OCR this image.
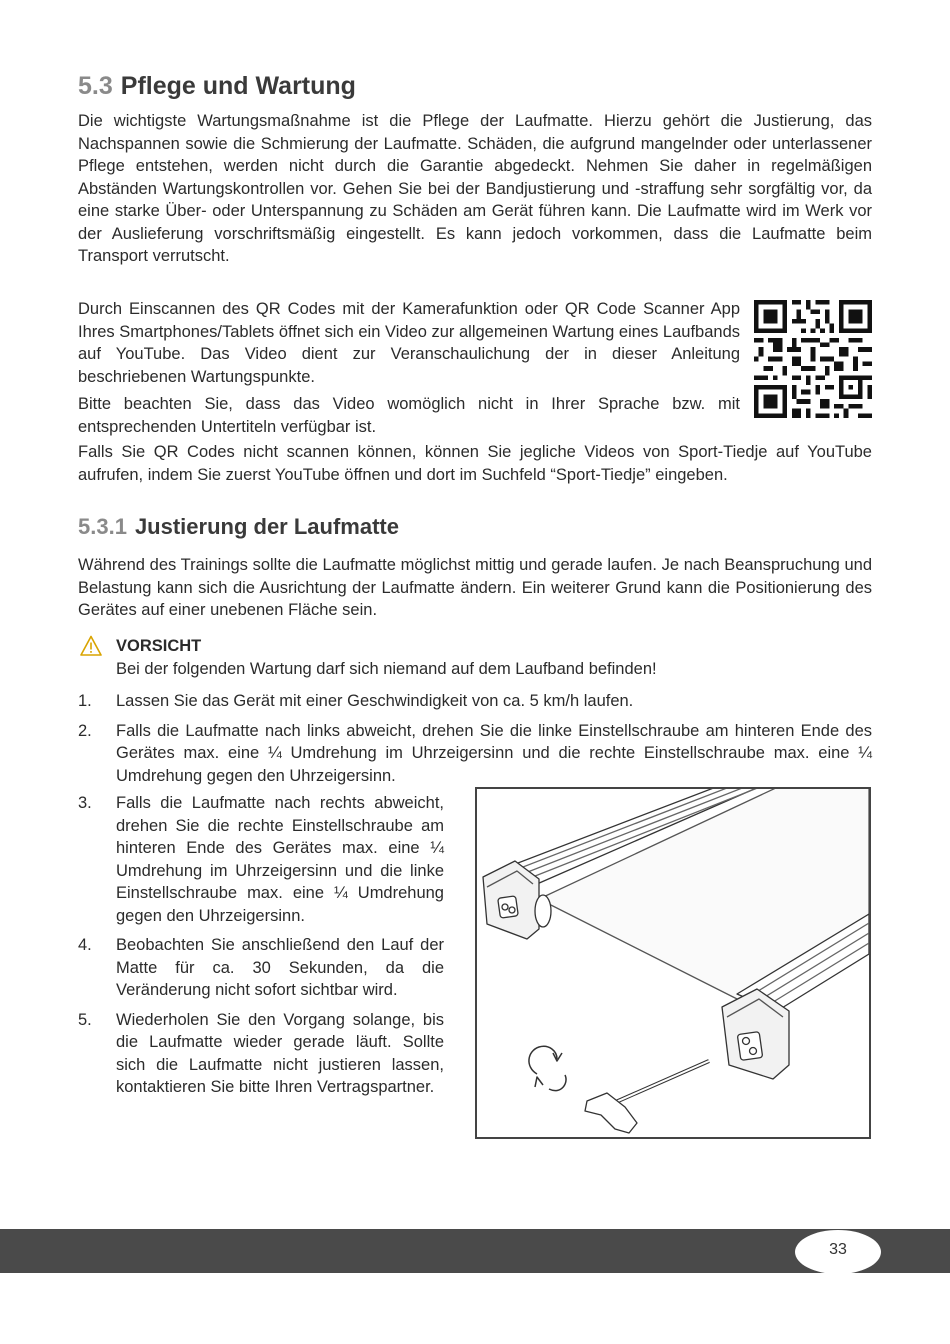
5.3 Pflege und Wartung

Die wichtigste Wartungsmaßnahme ist die Pflege der Laufmatte. Hierzu gehört die Justierung, das Nachspannen sowie die Schmierung der Laufmatte. Schäden, die aufgrund mangelnder oder unterlassener Pflege entstehen, werden nicht durch die Garantie abgedeckt. Nehmen Sie daher in regelmäßigen Abständen Wartungskontrollen vor. Gehen Sie bei der Bandjustierung und -straffung sehr sorgfältig vor, da eine starke Über- oder Unterspannung zu Schäden am Gerät führen kann. Die Laufmatte wird im Werk vor der Auslieferung vorschriftsmäßig eingestellt. Es kann jedoch vorkommen, dass die Laufmatte beim Transport verrutscht.

Durch Einscannen des QR Codes mit der Kamerafunktion oder QR Code Scanner App Ihres Smartphones/Tablets öffnet sich ein Video zur allgemeinen Wartung eines Laufbands auf YouTube. Das Video dient zur Veranschaulichung der in dieser Anleitung beschriebenen Wartungspunkte.

Bitte beachten Sie, dass das Video womöglich nicht in Ihrer Sprache bzw. mit entsprechenden Untertiteln verfügbar ist.

Falls Sie QR Codes nicht scannen können, können Sie jegliche Videos von Sport-Tiedje auf YouTube aufrufen, indem Sie zuerst YouTube öffnen und dort im Suchfeld “Sport-Tiedje” eingeben.

5.3.1 Justierung der Laufmatte

Während des Trainings sollte die Laufmatte möglichst mittig und gerade laufen. Je nach Beanspruchung und Belastung kann sich die Ausrichtung der Laufmatte ändern. Ein weiterer Grund kann die Positionierung des Gerätes auf einer unebenen Fläche sein.

VORSICHT
Bei der folgenden Wartung darf sich niemand auf dem Laufband befinden!
1. Lassen Sie das Gerät mit einer Geschwindigkeit von ca. 5 km/h laufen.
2. Falls die Laufmatte nach links abweicht, drehen Sie die linke Einstellschraube am hinteren Ende des Gerätes max. eine ¼ Umdrehung im Uhrzeigersinn und die rechte Einstellschraube max. eine ¼ Umdrehung gegen den Uhrzeigersinn.
3. Falls die Laufmatte nach rechts abweicht, drehen Sie die rechte Einstellschraube am hinteren Ende des Gerätes max. eine ¼ Umdrehung im Uhrzeigersinn und die linke Einstellschraube max. eine ¼ Umdrehung gegen den Uhrzeigersinn.
4. Beobachten Sie anschließend den Lauf der Matte für ca. 30 Sekunden, da die Veränderung nicht sofort sichtbar wird.
5. Wiederholen Sie den Vorgang solange, bis die Laufmatte wieder gerade läuft. Sollte sich die Laufmatte nicht justieren lassen, kontaktieren Sie bitte Ihren Vertragspartner.
33
